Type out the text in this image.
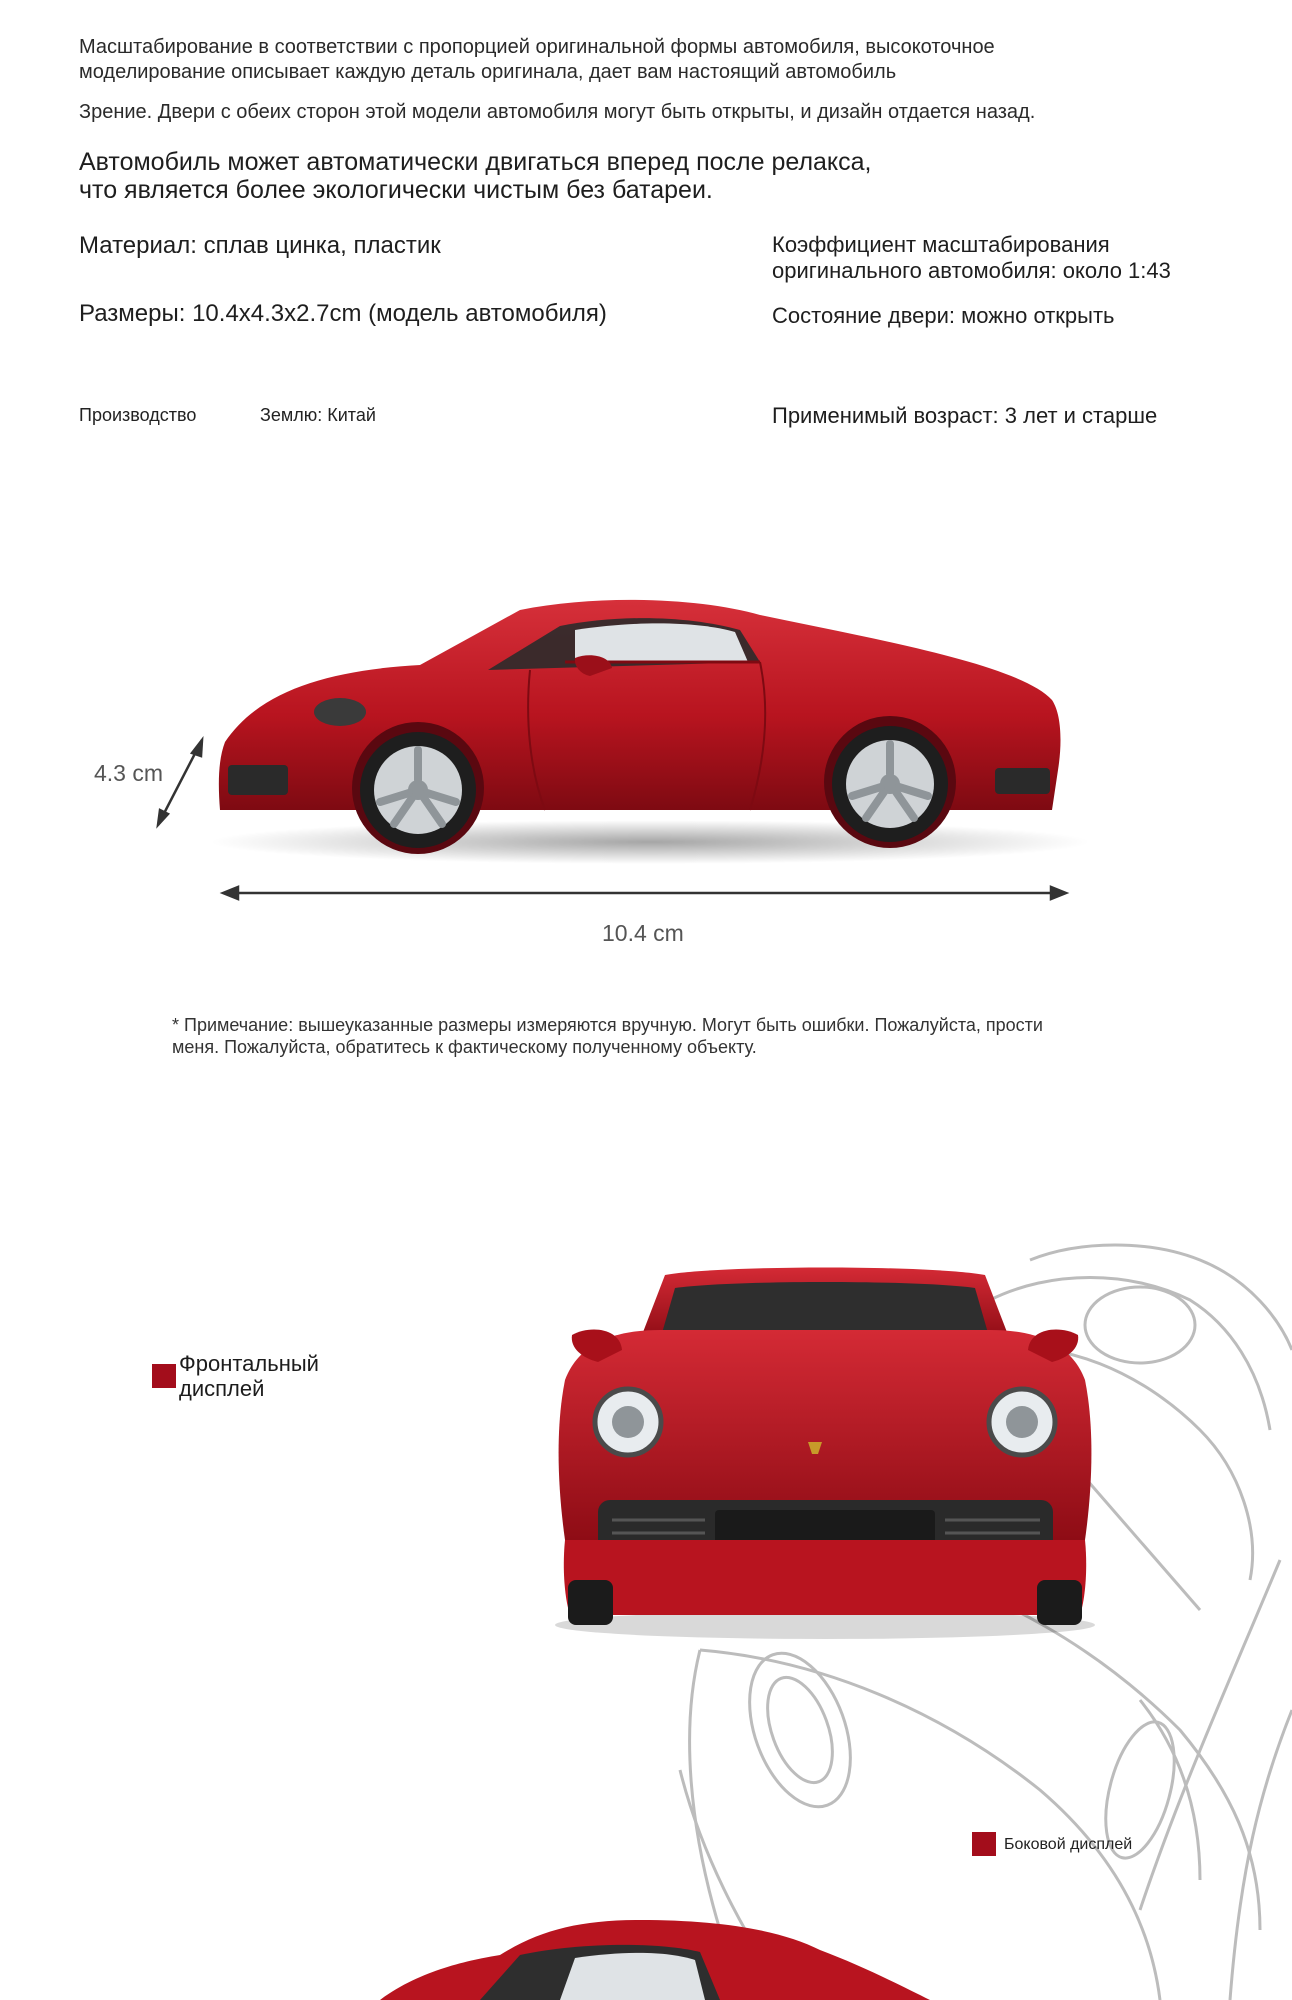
Масштабирование в соответствии с пропорцией оригинальной формы автомобиля, высокоточное
моделирование описывает каждую деталь оригинала, дает вам настоящий автомобиль
Зрение. Двери с обеих сторон этой модели автомобиля могут быть открыты, и дизайн отдается назад.
Автомобиль может автоматически двигаться вперед после релакса,
что является более экологически чистым без батареи.
Материал: сплав цинка, пластик	Коэффициент масштабирования
оригинального автомобиля: около 1:43
Размеры: 10.4x4.3x2.7cm (модель автомобиля)	Состояние двери: можно открыть
Производство	Землю: Китай	Применимый возраст: 3 лет и старше
4.3 cm
10.4 cm
* Примечание: вышеуказанные размеры измеряются вручную. Могут быть ошибки. Пожалуйста, прости
меня. Пожалуйста, обратитесь к фактическому полученному объекту.
Фронтальный
дисплей
Боковой дисплей
